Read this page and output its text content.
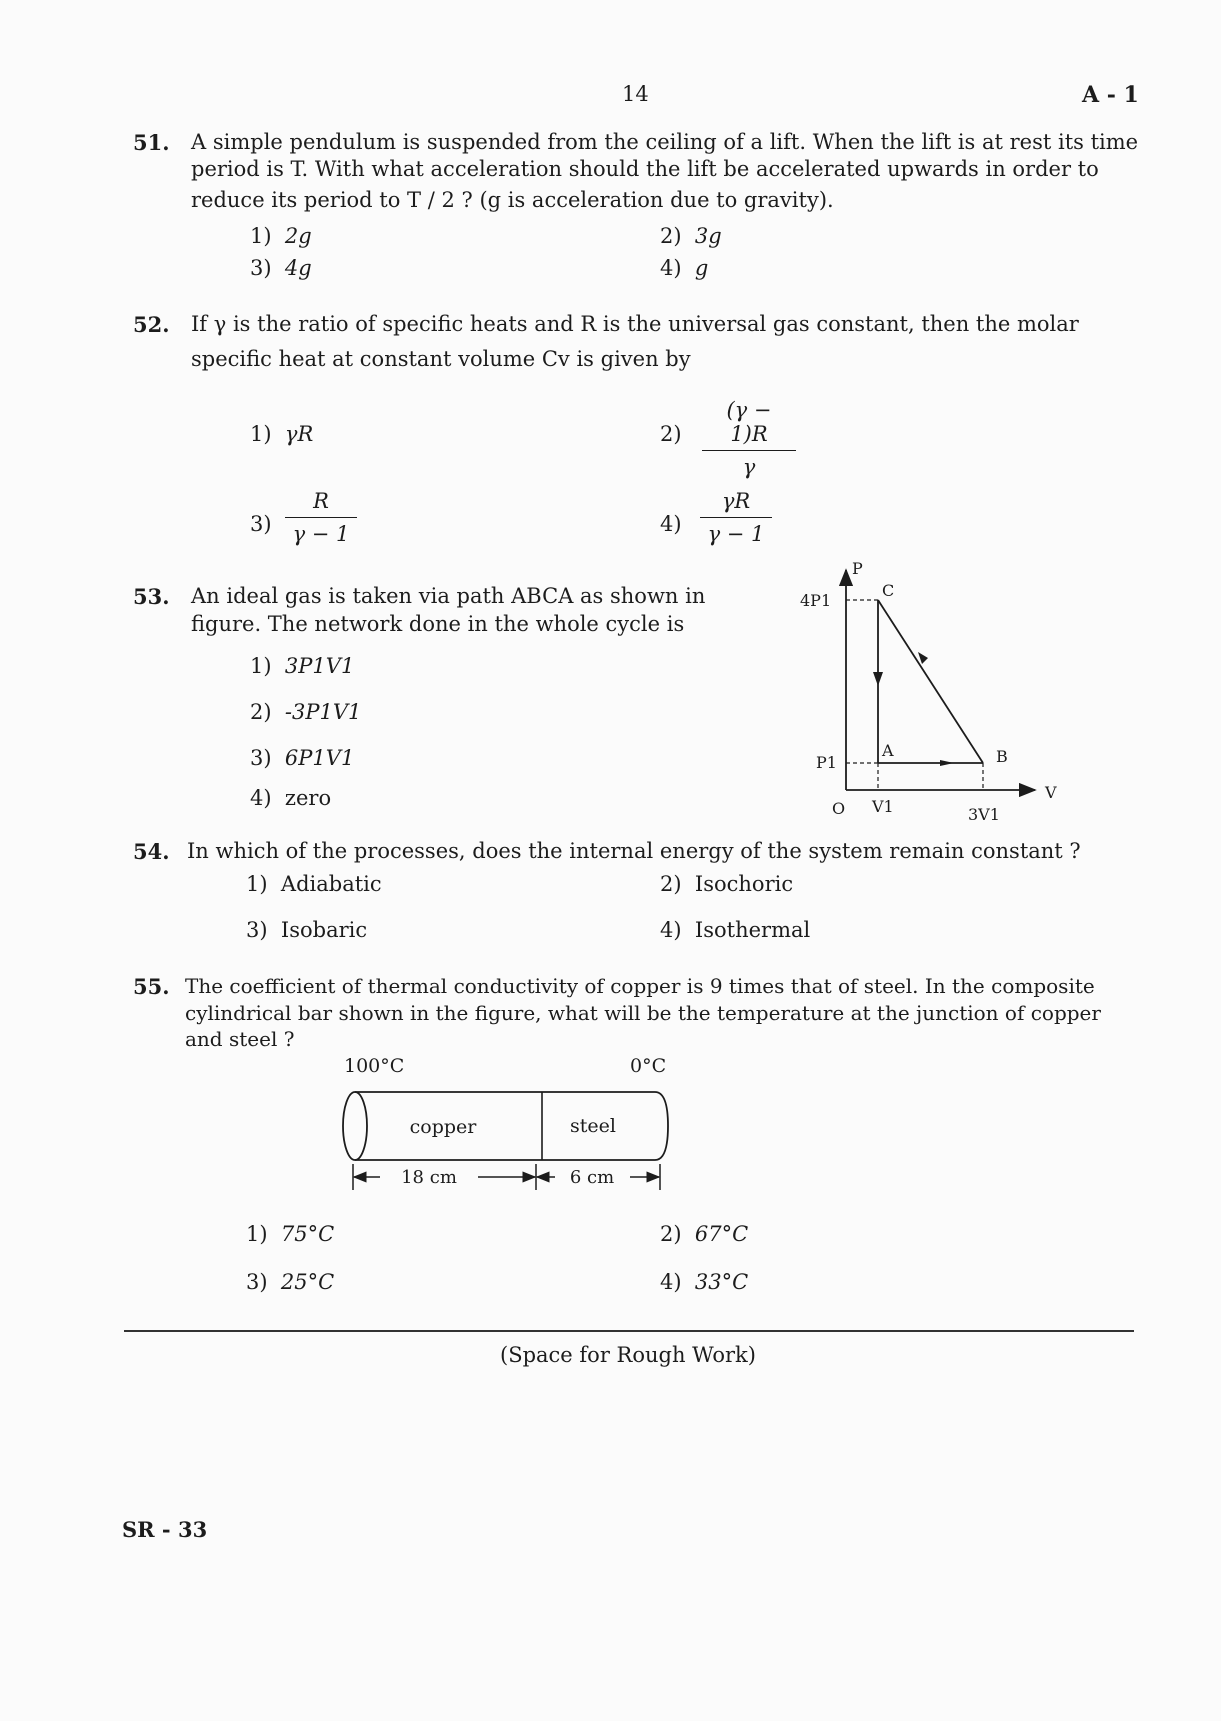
14	A - 1
51. A simple pendulum is suspended from the ceiling of a lift. When the lift is at rest its time
period is T. With what acceleration should the lift be accelerated upwards in order to
reduce its period to T / 2 ? (g is acceleration due to gravity).
1) 2g	2) 3g
3) 4g	4) g
52. If γ is the ratio of specific heats and R is the universal gas constant, then the molar
specific heat at constant volume Cv is given by
1) γR	$2) \frac{(\gamma - 1)R}{\gamma}$
$3) \frac{R}{\gamma - 1}$	$4) \frac{\gamma R}{\gamma - 1}$
53. An ideal gas is taken via path ABCA as shown in
figure. The network done in the whole cycle is
1) 3P1V1
2) -3P1V1
3) 6P1V1
4) zero
P
V
O
4P1
P1
V1	3V1
A	B
C
54. In which of the processes, does the internal energy of the system remain constant ?
1) Adiabatic	2) Isochoric
3) Isobaric	4) Isothermal
55. The coefficient of thermal conductivity of copper is 9 times that of steel. In the composite
cylindrical bar shown in the figure, what will be the temperature at the junction of copper
and steel ?
100°C	0°C
copper	steel
18 cm	6 cm
1) 75°C	2) 67°C
3) 25°C	4) 33°C
(Space for Rough Work)
SR - 33
